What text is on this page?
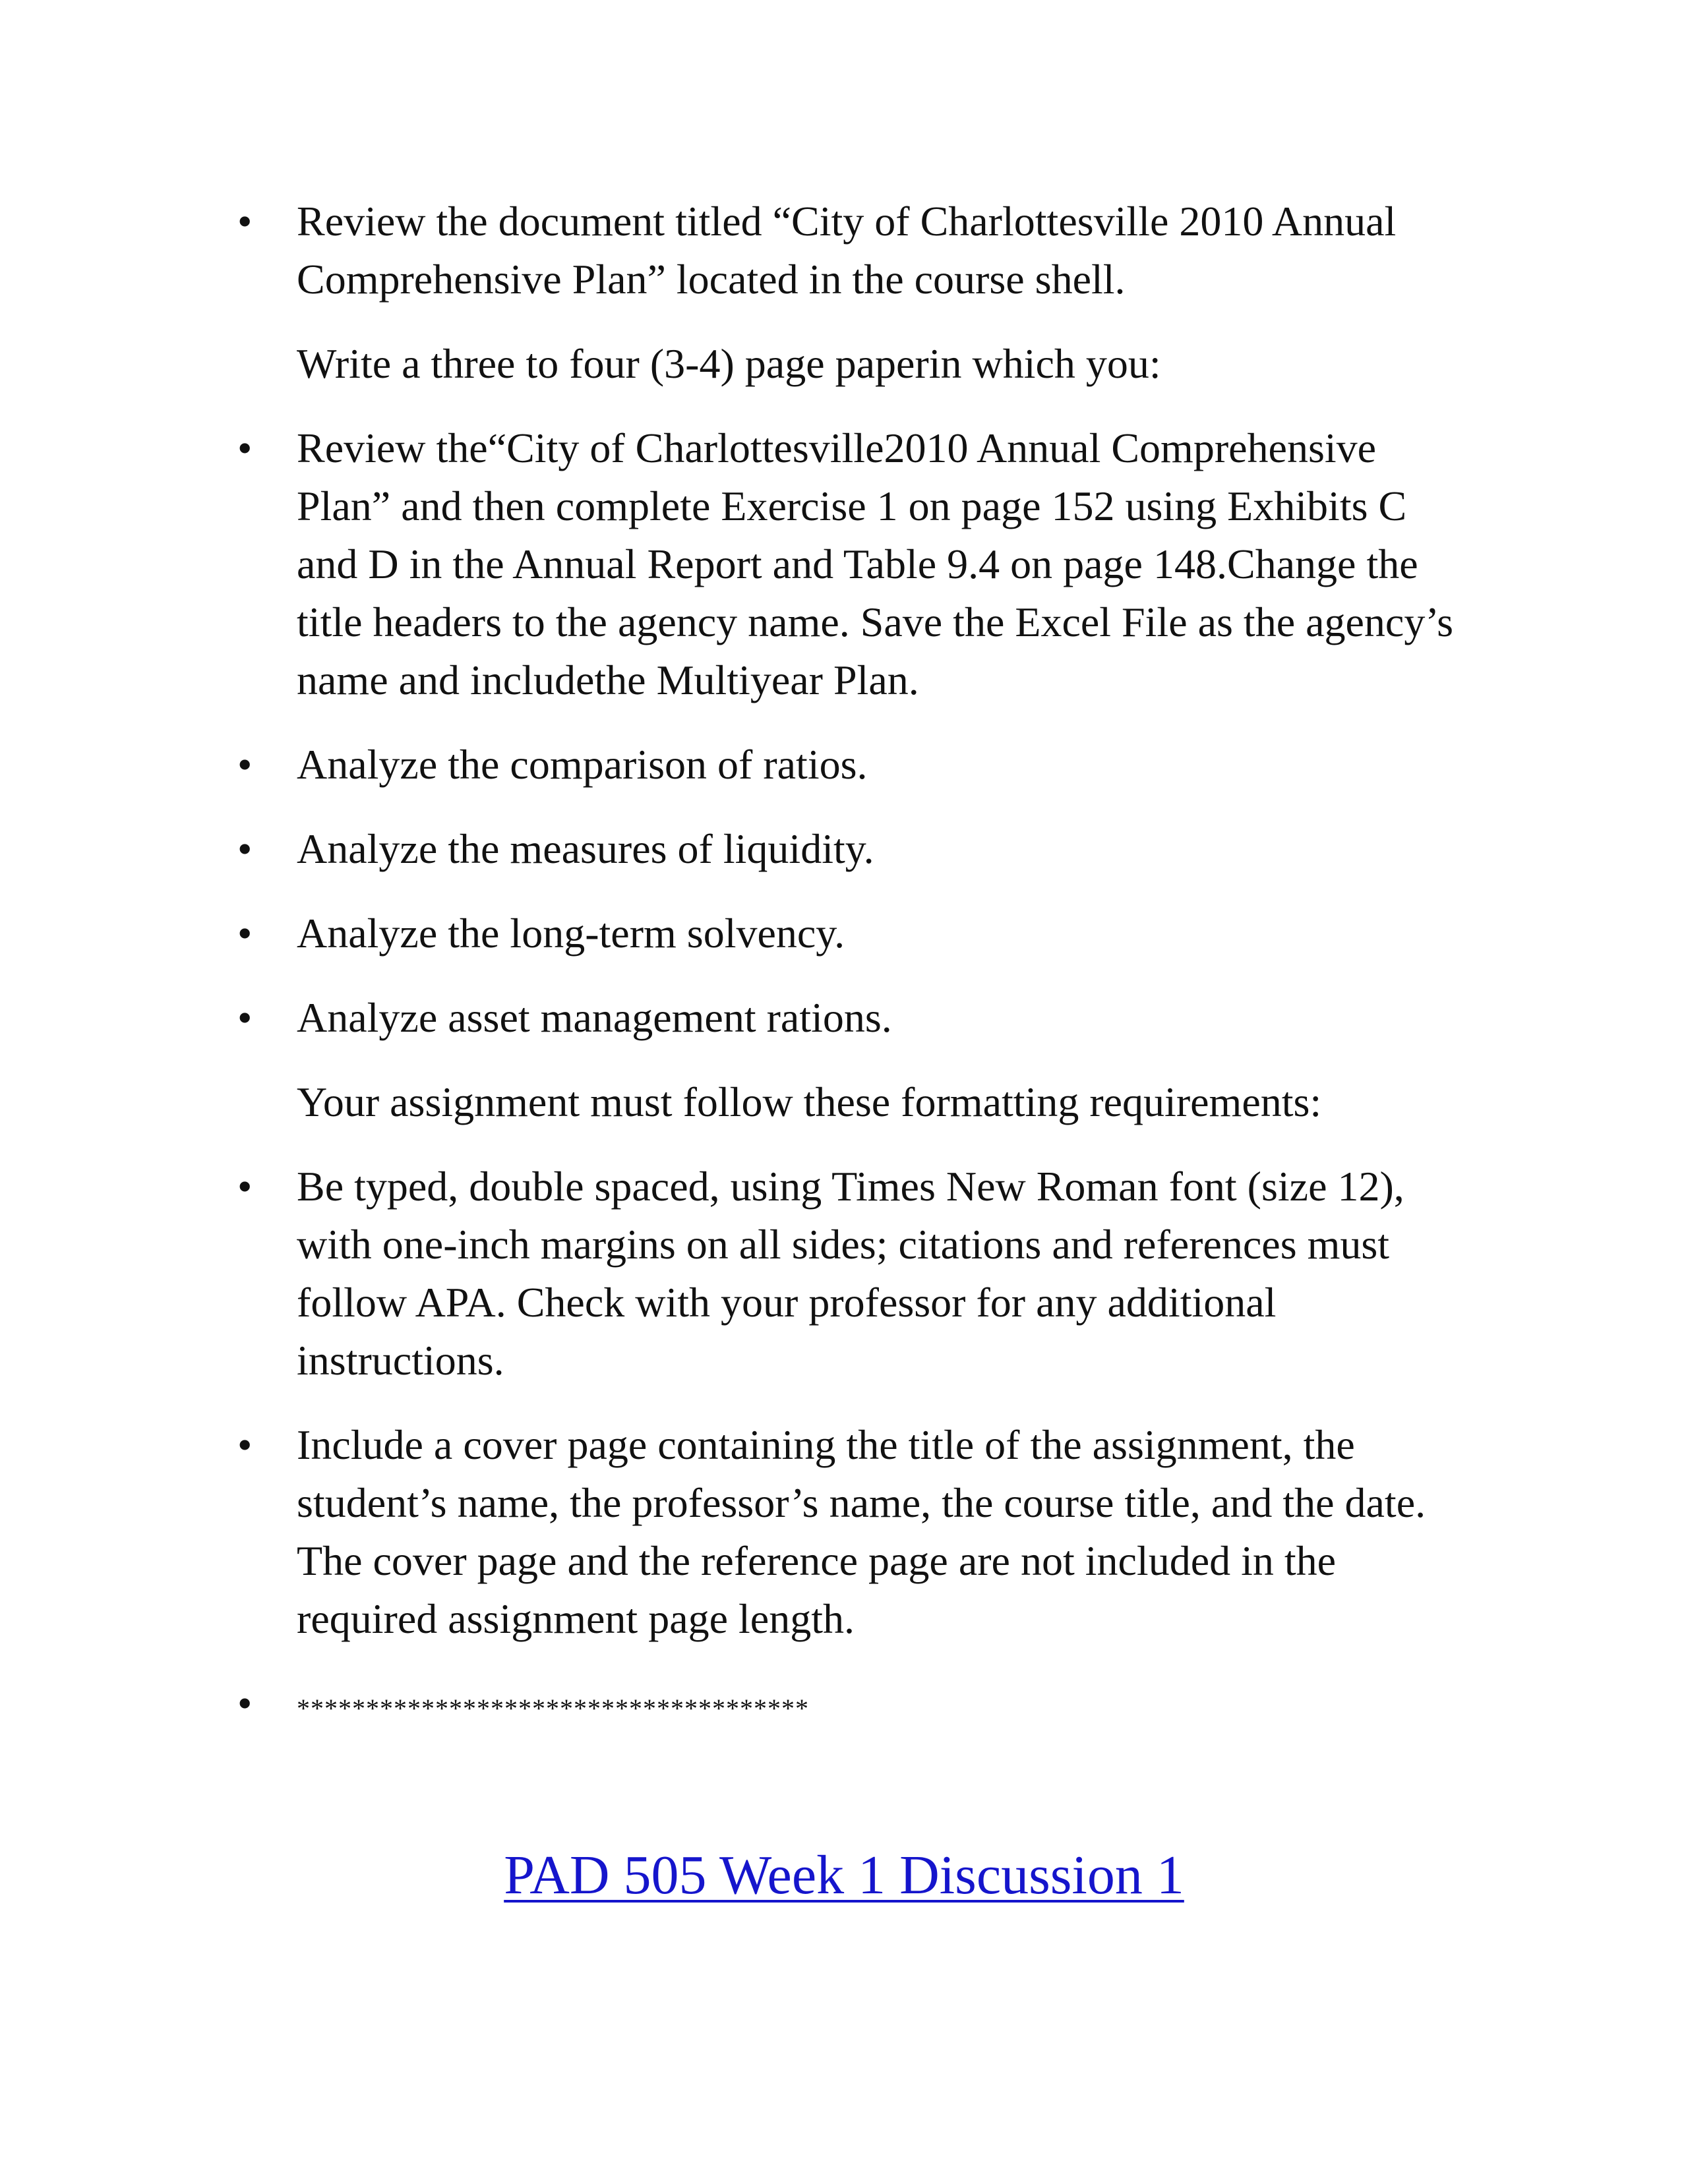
• Review the document titled “City of Charlottesville 2010 Annual Comprehensive Plan” located in the course shell.
Write a three to four (3-4) page paperin which you:
• Review the“City of Charlottesville2010 Annual Comprehensive Plan” and then complete Exercise 1 on page 152 using Exhibits C and D in the Annual Report and Table 9.4 on page 148.Change the title headers to the agency name. Save the Excel File as the agency’s name and includethe Multiyear Plan.
• Analyze the comparison of ratios.
• Analyze the measures of liquidity.
• Analyze the long-term solvency.
• Analyze asset management rations.
Your assignment must follow these formatting requirements:
• Be typed, double spaced, using Times New Roman font (size 12), with one-inch margins on all sides; citations and references must follow APA. Check with your professor for any additional instructions.
• Include a cover page containing the title of the assignment, the student’s name, the professor’s name, the course title, and the date. The cover page and the reference page are not included in the required assignment page length.
•	*************************************
PAD 505 Week 1 Discussion 1
